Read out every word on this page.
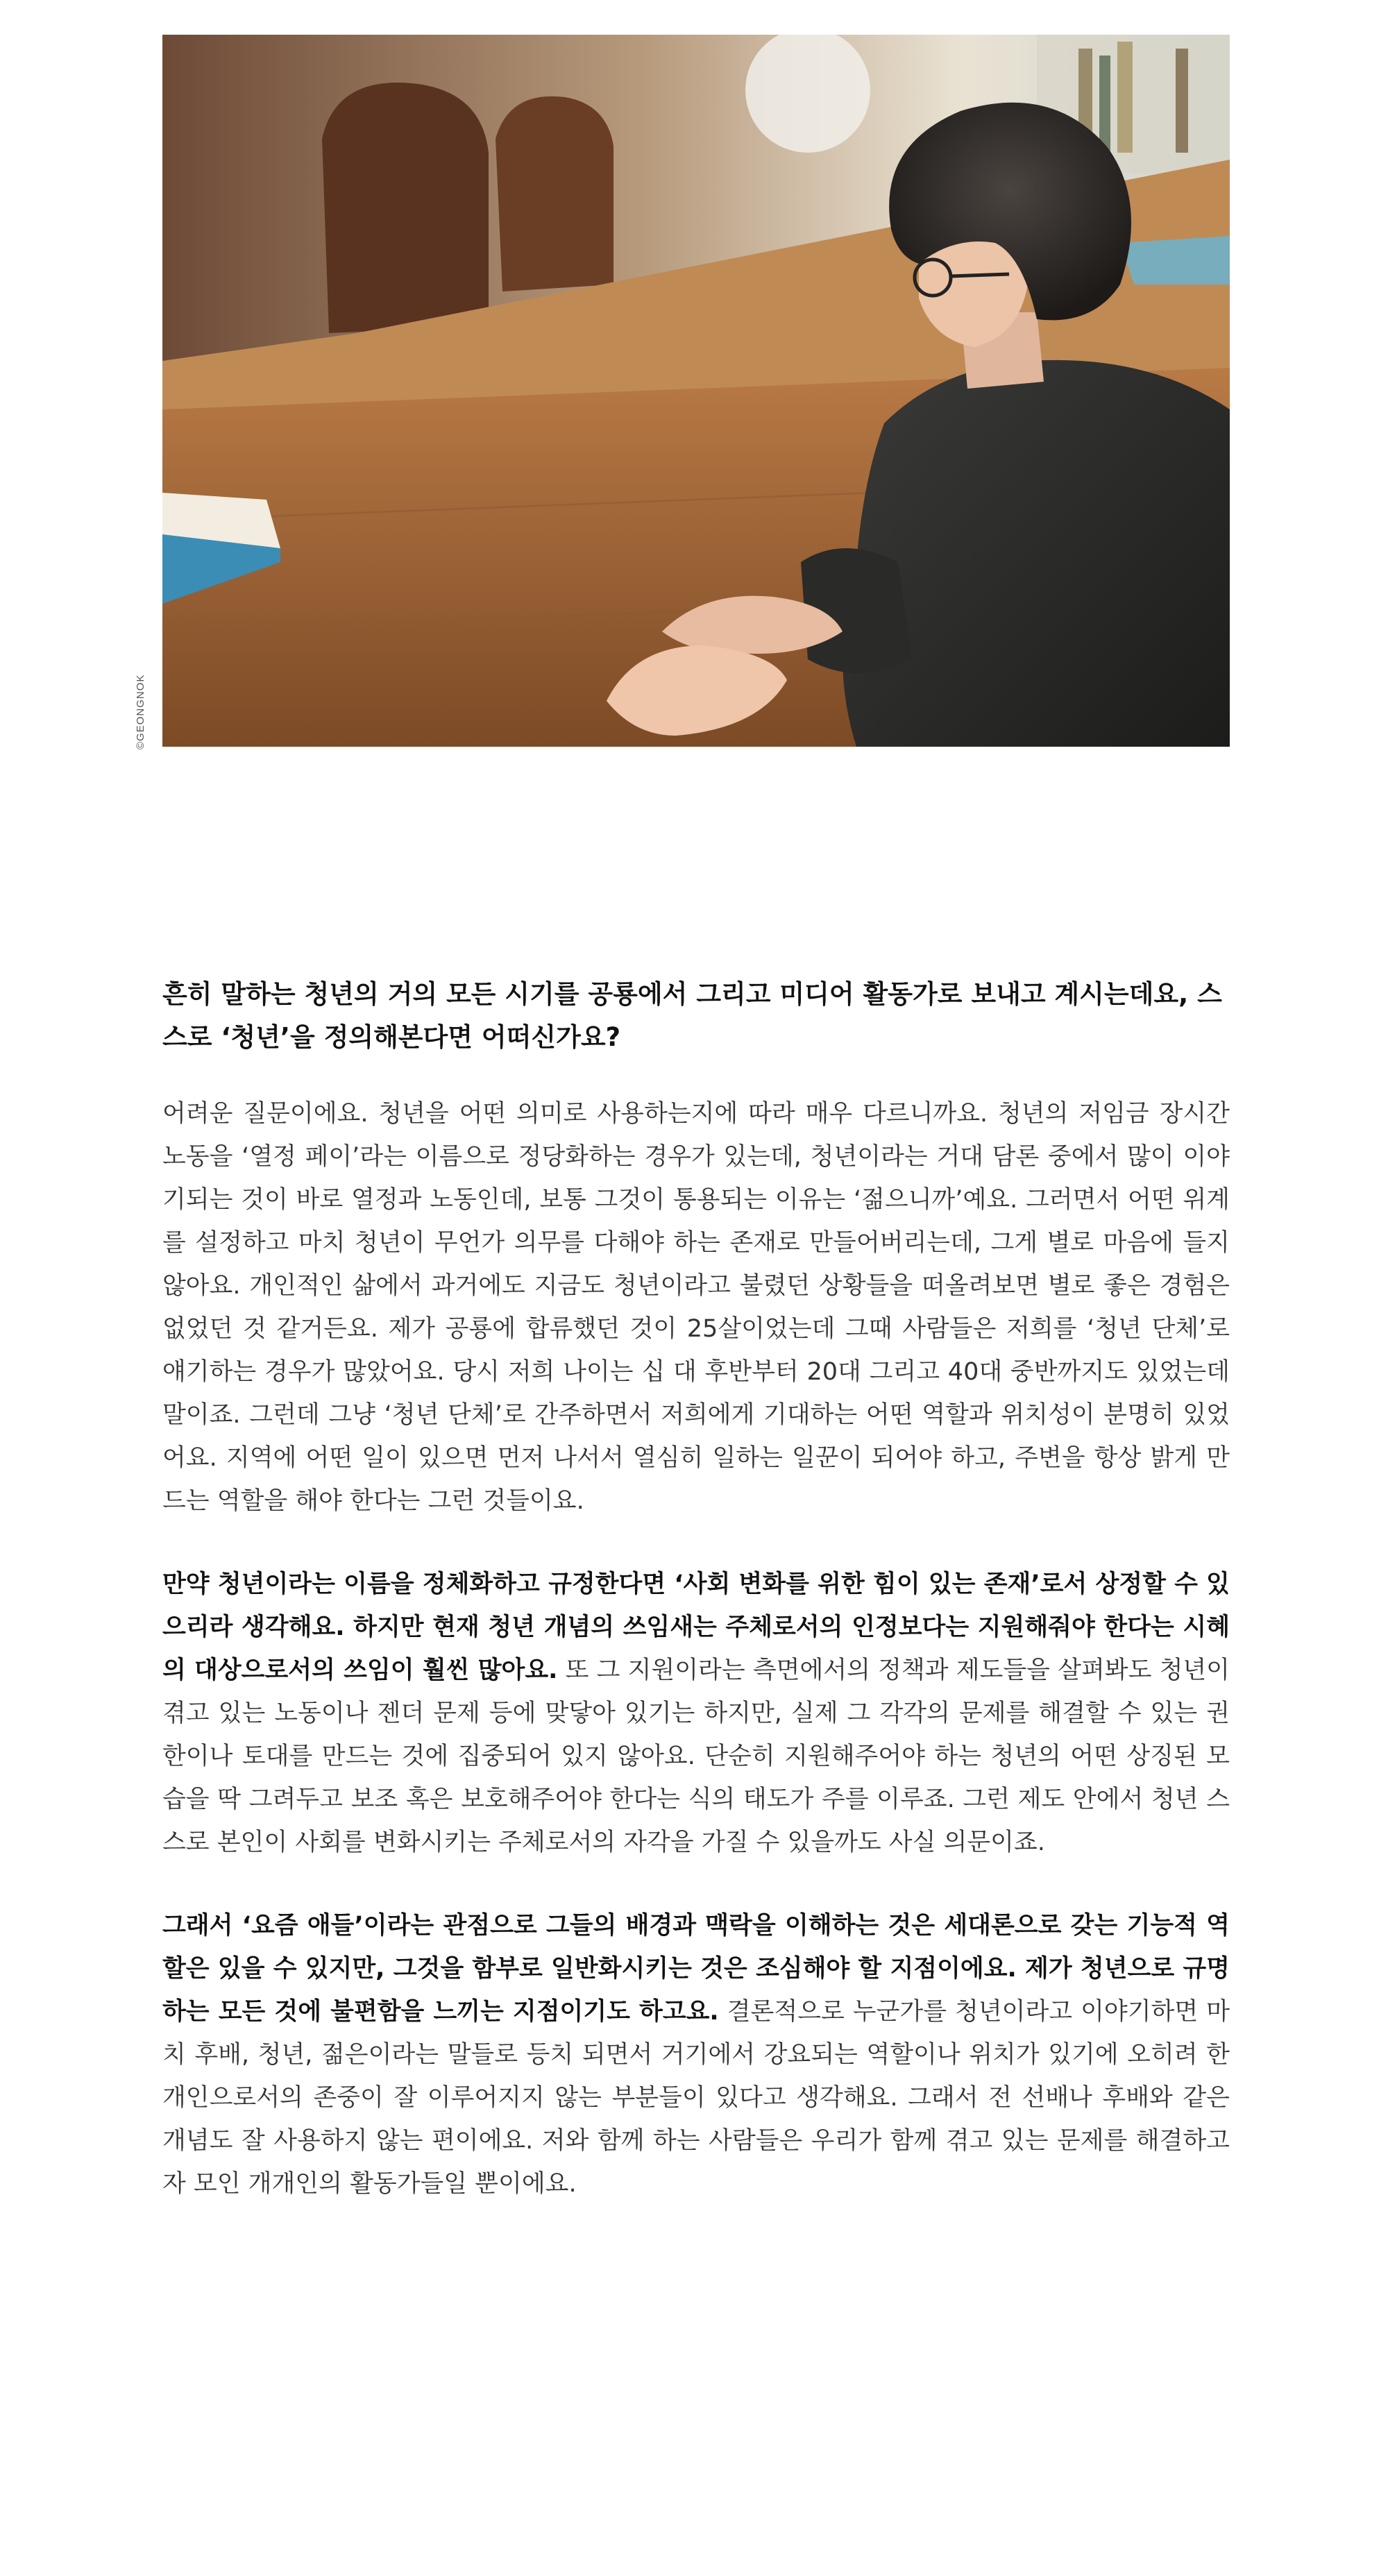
©GEONGNOK

흔히 말하는 청년의 거의 모든 시기를 공룡에서 그리고 미디어 활동가로 보내고 계시는데요, 스스로 ‘청년’을 정의해본다면 어떠신가요?

어려운 질문이에요. 청년을 어떤 의미로 사용하는지에 따라 매우 다르니까요. 청년의 저임금 장시간 노동을 ‘열정 페이’라는 이름으로 정당화하는 경우가 있는데, 청년이라는 거대 담론 중에서 많이 이야기되는 것이 바로 열정과 노동인데, 보통 그것이 통용되는 이유는 ‘젊으니까’예요. 그러면서 어떤 위계를 설정하고 마치 청년이 무언가 의무를 다해야 하는 존재로 만들어버리는데, 그게 별로 마음에 들지 않아요. 개인적인 삶에서 과거에도 지금도 청년이라고 불렸던 상황들을 떠올려보면 별로 좋은 경험은 없었던 것 같거든요. 제가 공룡에 합류했던 것이 25살이었는데 그때 사람들은 저희를 ‘청년 단체’로 얘기하는 경우가 많았어요. 당시 저희 나이는 십 대 후반부터 20대 그리고 40대 중반까지도 있었는데 말이죠. 그런데 그냥 ‘청년 단체’로 간주하면서 저희에게 기대하는 어떤 역할과 위치성이 분명히 있었어요. 지역에 어떤 일이 있으면 먼저 나서서 열심히 일하는 일꾼이 되어야 하고, 주변을 항상 밝게 만드는 역할을 해야 한다는 그런 것들이요.

만약 청년이라는 이름을 정체화하고 규정한다면 ‘사회 변화를 위한 힘이 있는 존재’로서 상정할 수 있으리라 생각해요. 하지만 현재 청년 개념의 쓰임새는 주체로서의 인정보다는 지원해줘야 한다는 시혜의 대상으로서의 쓰임이 훨씬 많아요. 또 그 지원이라는 측면에서의 정책과 제도들을 살펴봐도 청년이 겪고 있는 노동이나 젠더 문제 등에 맞닿아 있기는 하지만, 실제 그 각각의 문제를 해결할 수 있는 권한이나 토대를 만드는 것에 집중되어 있지 않아요. 단순히 지원해주어야 하는 청년의 어떤 상징된 모습을 딱 그려두고 보조 혹은 보호해주어야 한다는 식의 태도가 주를 이루죠. 그런 제도 안에서 청년 스스로 본인이 사회를 변화시키는 주체로서의 자각을 가질 수 있을까도 사실 의문이죠.

그래서 ‘요즘 애들’이라는 관점으로 그들의 배경과 맥락을 이해하는 것은 세대론으로 갖는 기능적 역할은 있을 수 있지만, 그것을 함부로 일반화시키는 것은 조심해야 할 지점이에요. 제가 청년으로 규명하는 모든 것에 불편함을 느끼는 지점이기도 하고요. 결론적으로 누군가를 청년이라고 이야기하면 마치 후배, 청년, 젊은이라는 말들로 등치 되면서 거기에서 강요되는 역할이나 위치가 있기에 오히려 한 개인으로서의 존중이 잘 이루어지지 않는 부분들이 있다고 생각해요. 그래서 전 선배나 후배와 같은 개념도 잘 사용하지 않는 편이에요. 저와 함께 하는 사람들은 우리가 함께 겪고 있는 문제를 해결하고자 모인 개개인의 활동가들일 뿐이에요.
